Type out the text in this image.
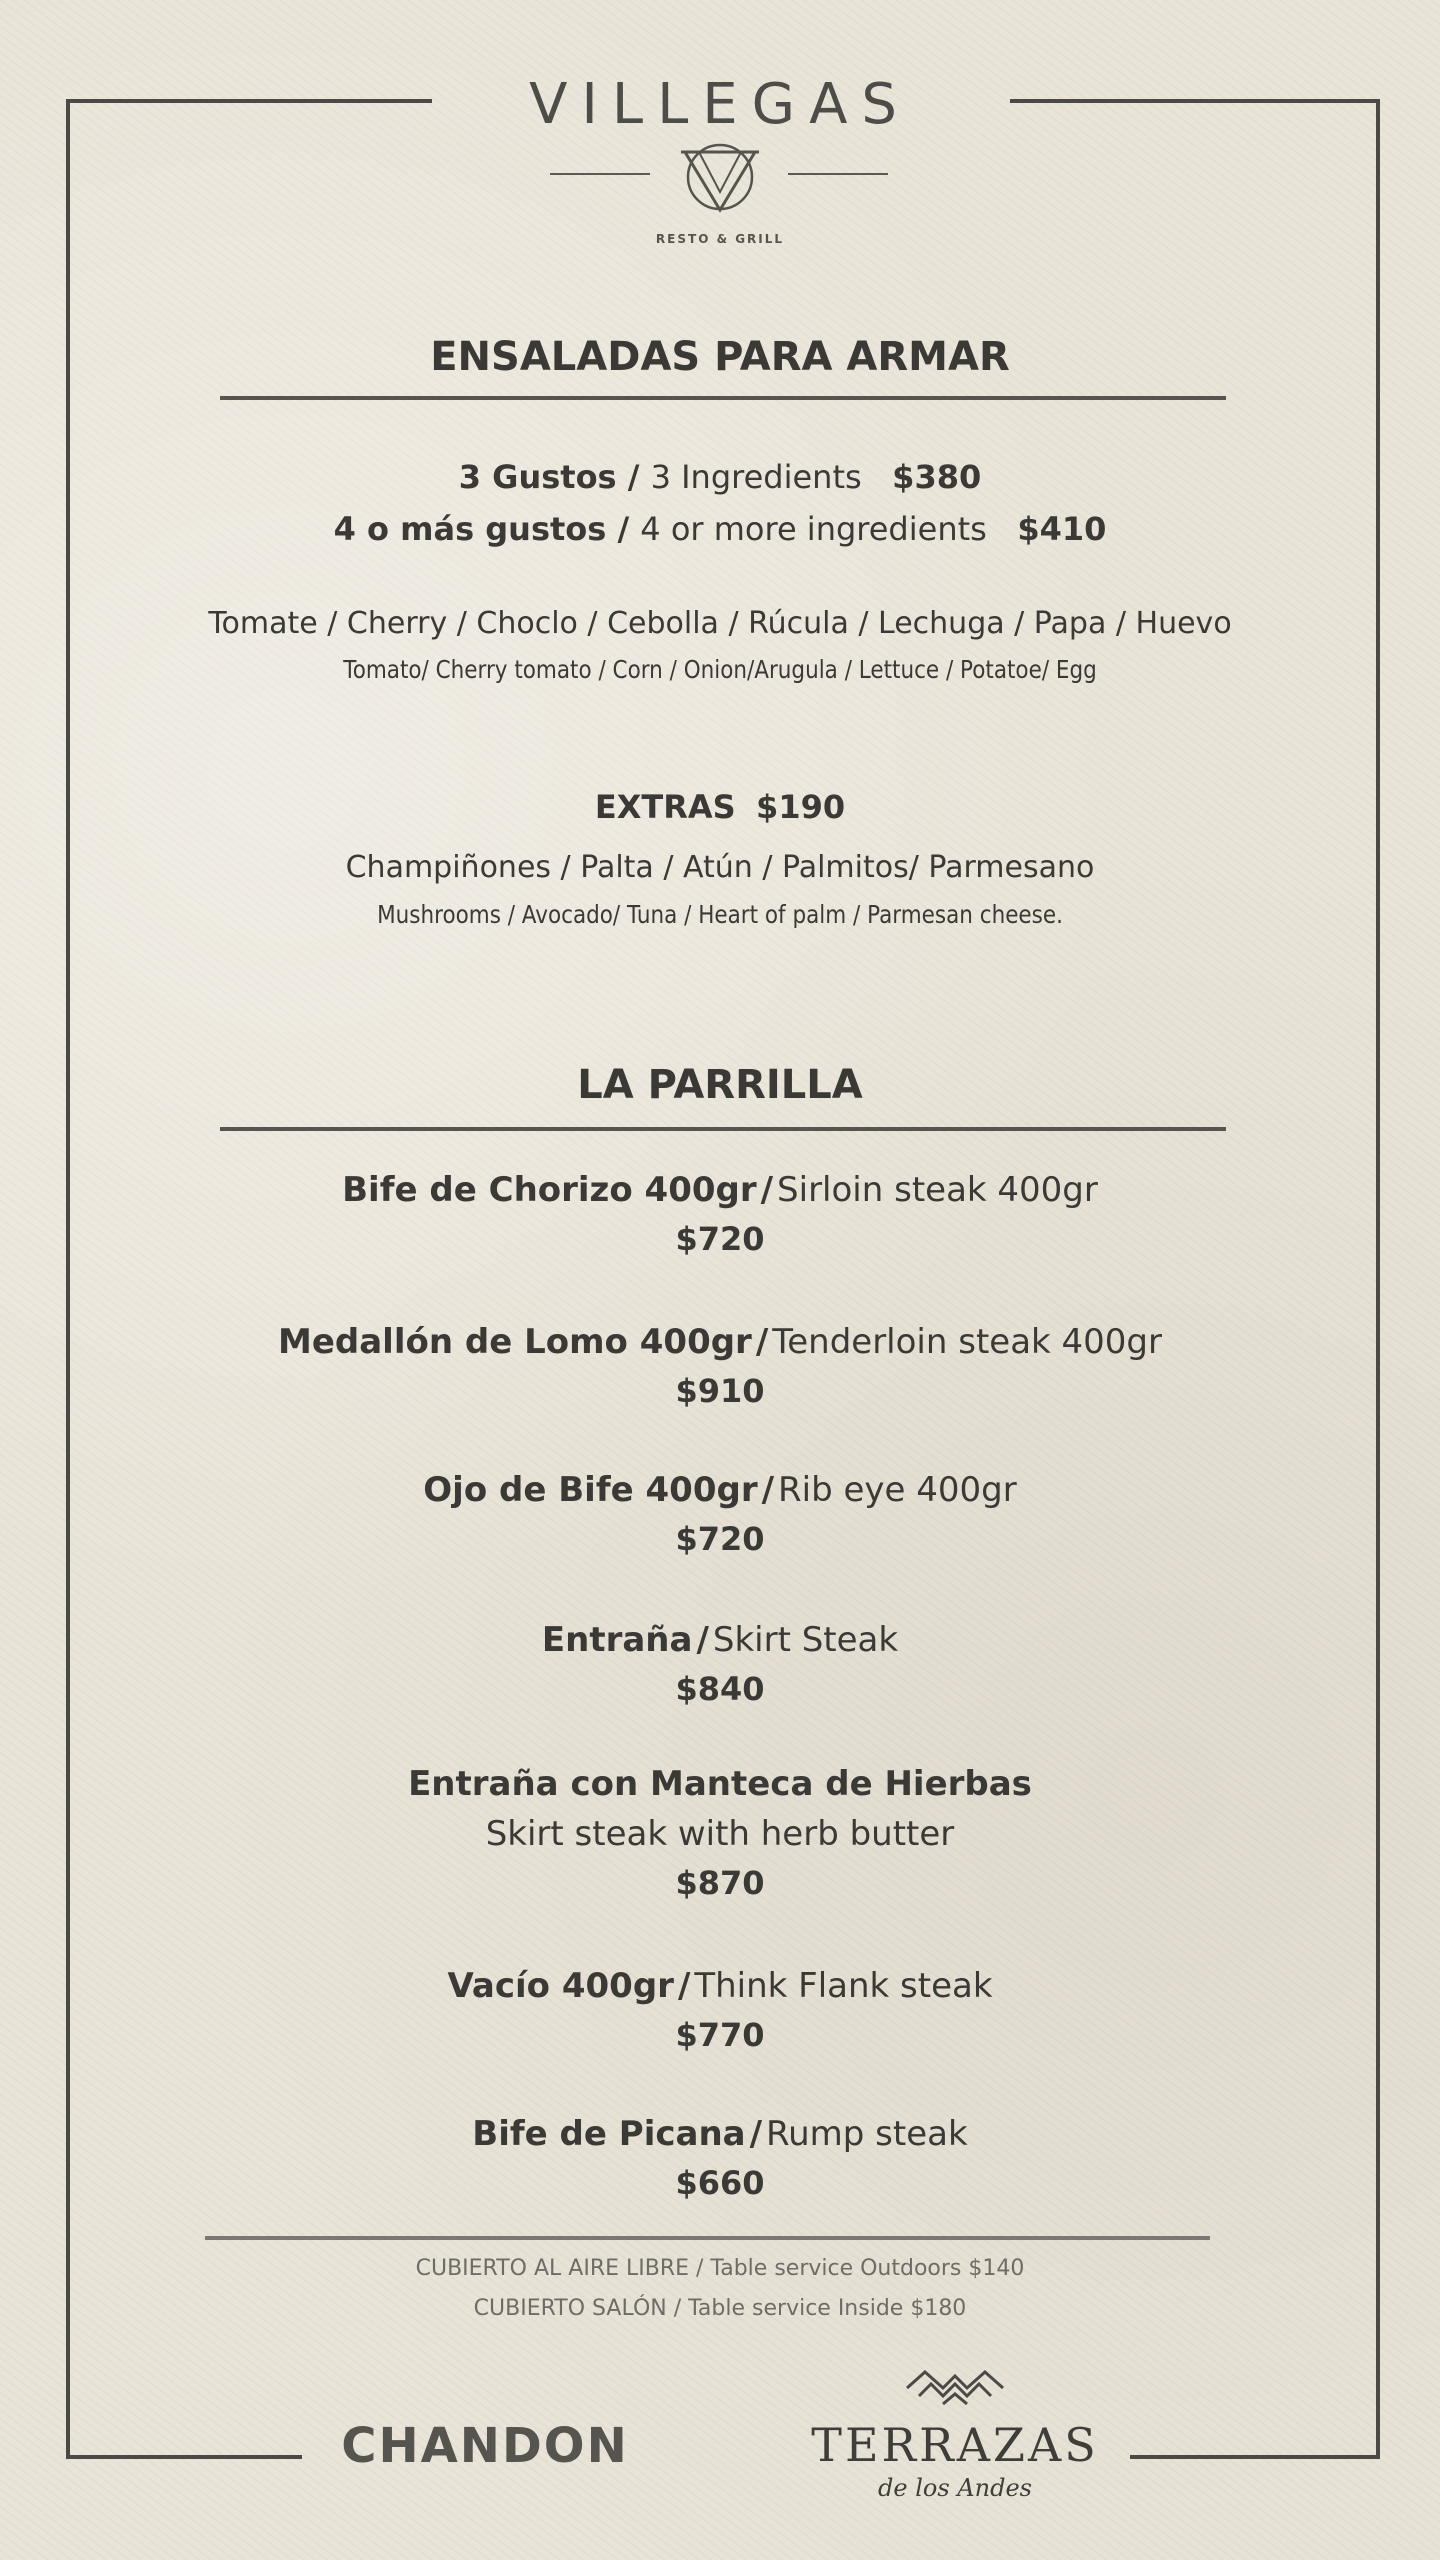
VILLEGAS
RESTO & GRILL
ENSALADAS PARA ARMAR
3 Gustos / 3 Ingredients $380
4 o más gustos / 4 or more ingredients $410
Tomate / Cherry / Choclo / Cebolla / Rúcula / Lechuga / Papa / Huevo
Tomato/ Cherry tomato / Corn / Onion/Arugula / Lettuce / Potatoe/ Egg
EXTRAS $190
Champiñones / Palta / Atún / Palmitos/ Parmesano
Mushrooms / Avocado/ Tuna / Heart of palm / Parmesan cheese.
LA PARRILLA
Bife de Chorizo 400gr / Sirloin steak 400gr
$720
Medallón de Lomo 400gr / Tenderloin steak 400gr
$910
Ojo de Bife 400gr / Rib eye 400gr
$720
Entraña / Skirt Steak
$840
Entraña con Manteca de Hierbas
Skirt steak with herb butter
$870
Vacío 400gr / Think Flank steak
$770
Bife de Picana / Rump steak
$660
CUBIERTO AL AIRE LIBRE / Table service Outdoors $140
CUBIERTO SALÓN / Table service Inside $180
CHANDON	TERRAZAS
de los Andes
